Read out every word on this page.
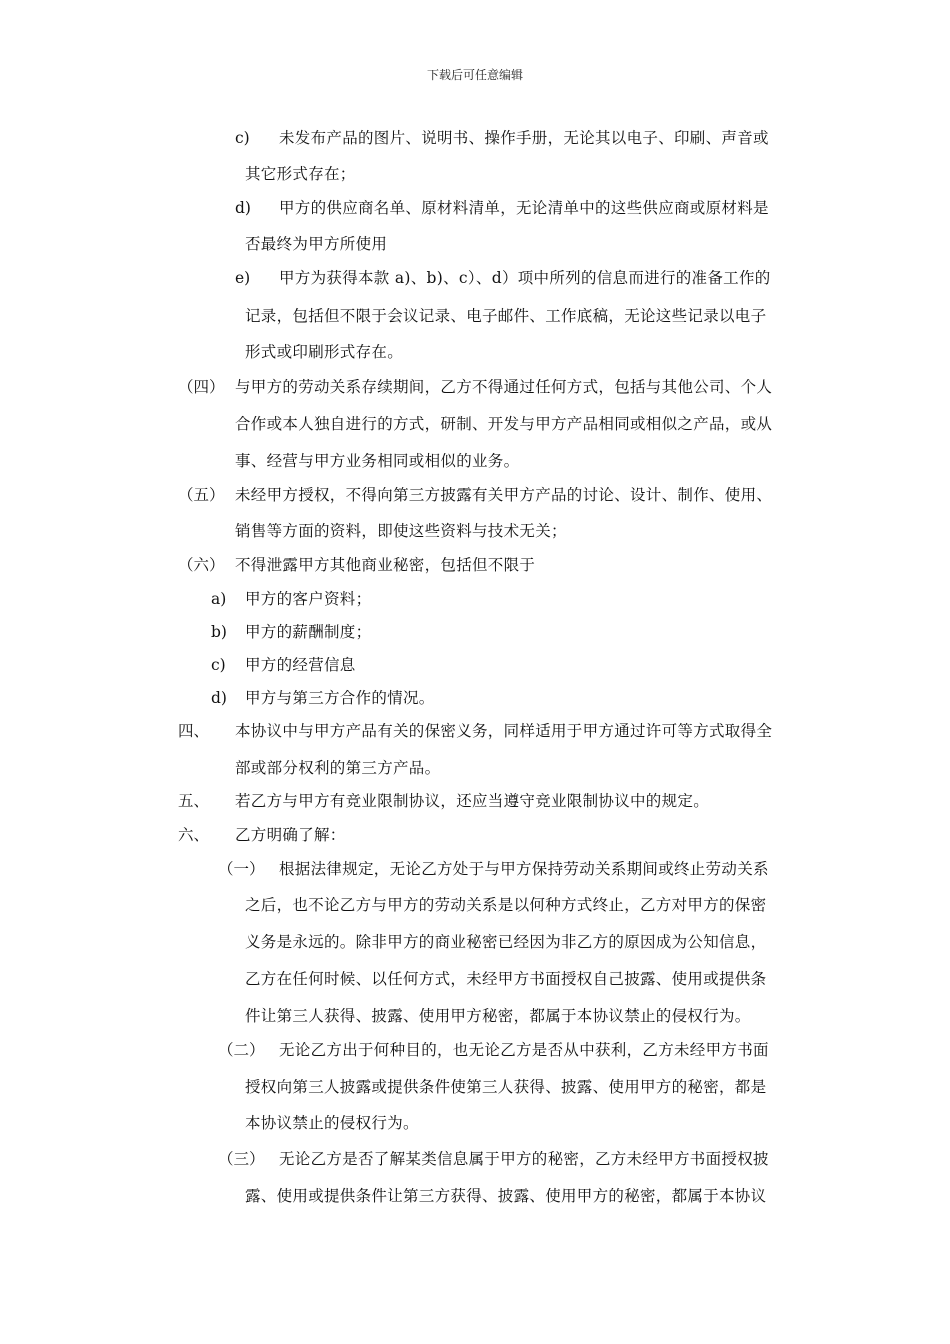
下载后可任意编辑
c) 未发布产品的图片、说明书、操作手册，无论其以电子、印刷、声音或
其它形式存在；
d) 甲方的供应商名单、原材料清单，无论清单中的这些供应商或原材料是
否最终为甲方所使用
e) 甲方为获得本款 a)、b)、c）、d）项中所列的信息而进行的准备工作的
记录，包括但不限于会议记录、电子邮件、工作底稿，无论这些记录以电子
形式或印刷形式存在。
（四） 与甲方的劳动关系存续期间，乙方不得通过任何方式，包括与其他公司、个人
合作或本人独自进行的方式，研制、开发与甲方产品相同或相似之产品，或从
事、经营与甲方业务相同或相似的业务。
（五） 未经甲方授权，不得向第三方披露有关甲方产品的讨论、设计、制作、使用、
销售等方面的资料，即使这些资料与技术无关；
（六） 不得泄露甲方其他商业秘密，包括但不限于
a) 甲方的客户资料；
b) 甲方的薪酬制度；
c) 甲方的经营信息
d) 甲方与第三方合作的情况。
四、 本协议中与甲方产品有关的保密义务，同样适用于甲方通过许可等方式取得全
部或部分权利的第三方产品。
五、 若乙方与甲方有竞业限制协议，还应当遵守竞业限制协议中的规定。
六、 乙方明确了解：
（一） 根据法律规定，无论乙方处于与甲方保持劳动关系期间或终止劳动关系
之后，也不论乙方与甲方的劳动关系是以何种方式终止，乙方对甲方的保密
义务是永远的。除非甲方的商业秘密已经因为非乙方的原因成为公知信息，
乙方在任何时候、以任何方式，未经甲方书面授权自己披露、使用或提供条
件让第三人获得、披露、使用甲方秘密，都属于本协议禁止的侵权行为。
（二） 无论乙方出于何种目的，也无论乙方是否从中获利，乙方未经甲方书面
授权向第三人披露或提供条件使第三人获得、披露、使用甲方的秘密，都是
本协议禁止的侵权行为。
（三） 无论乙方是否了解某类信息属于甲方的秘密，乙方未经甲方书面授权披
露、使用或提供条件让第三方获得、披露、使用甲方的秘密，都属于本协议
